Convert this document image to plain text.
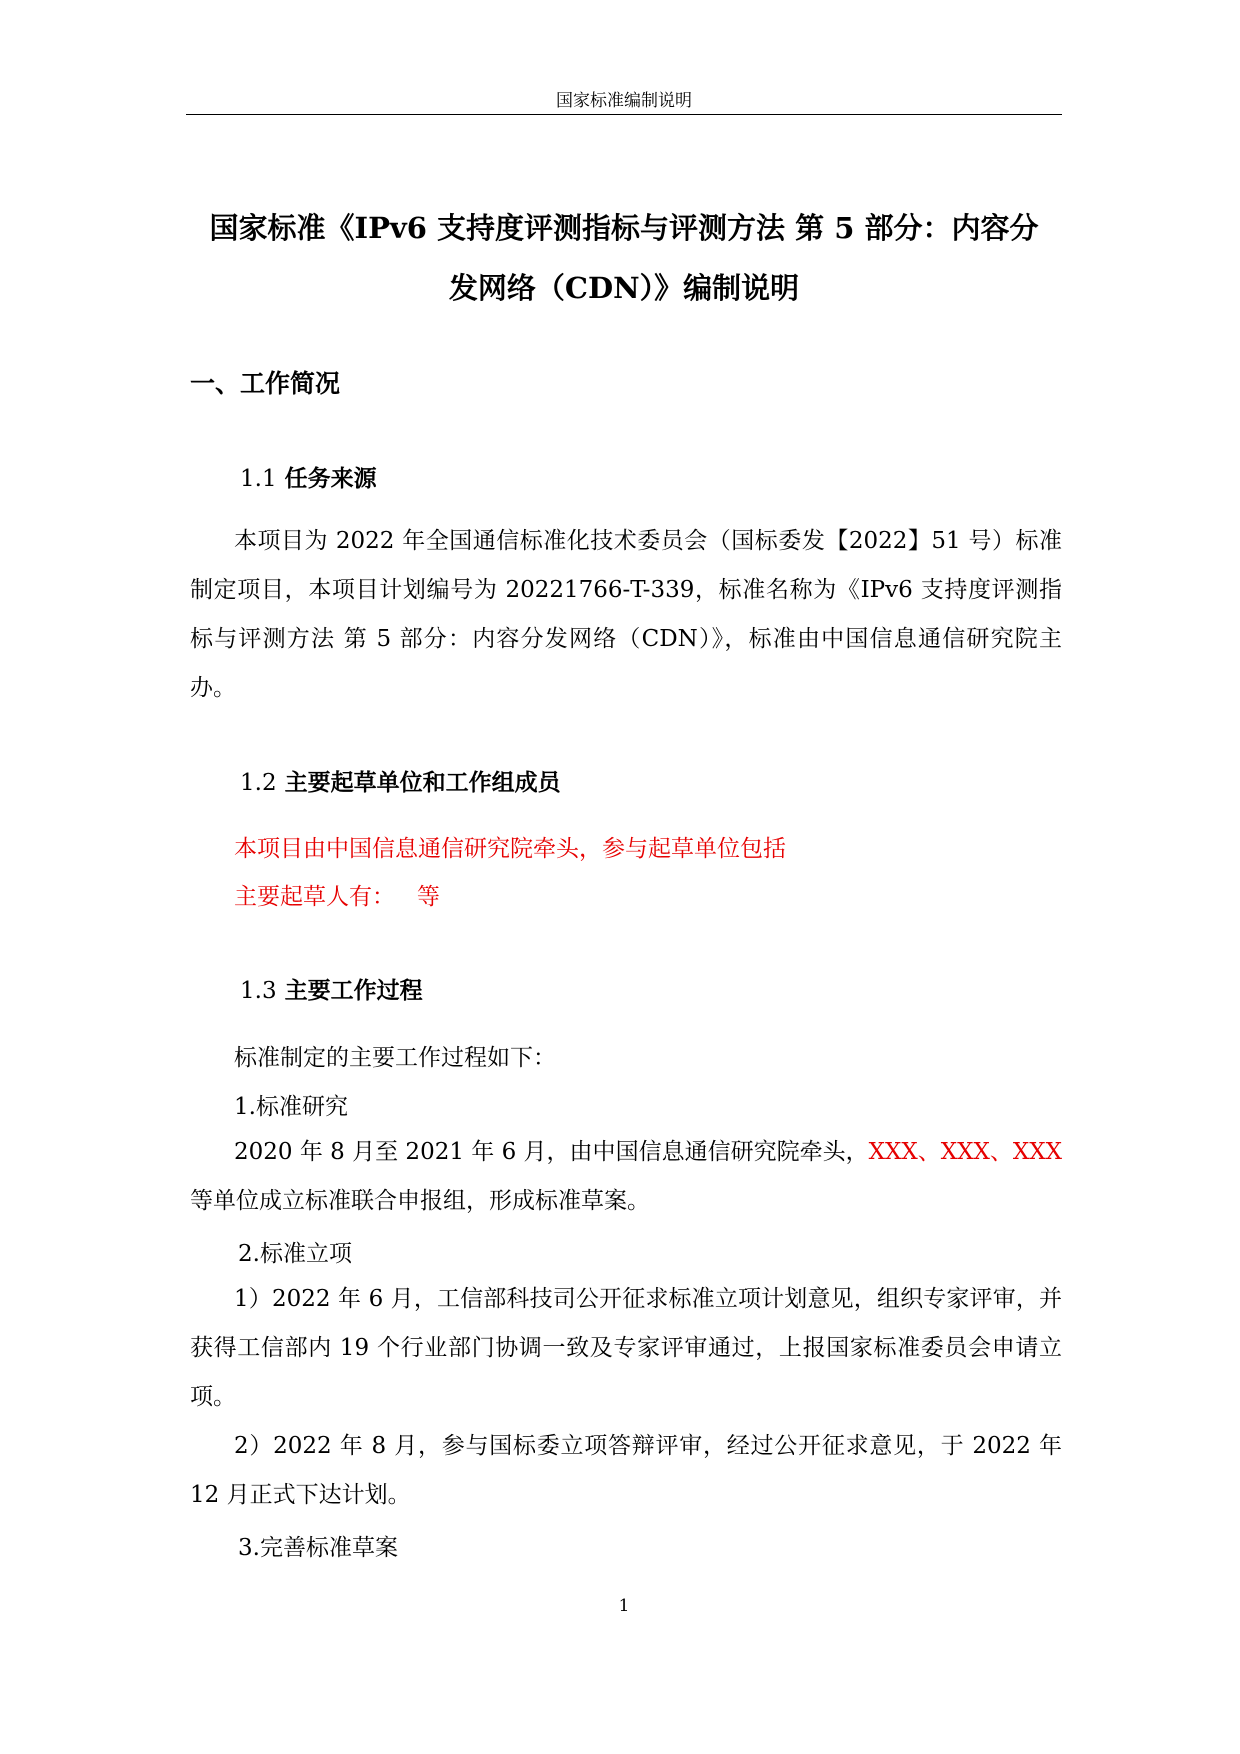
国家标准编制说明
国家标准《IPv6 支持度评测指标与评测方法 第 5 部分：内容分
发网络（CDN）》编制说明
一、工作简况
1.1 任务来源

本项目为 2022 年全国通信标准化技术委员会（国标委发【2022】51 号）标准制定项目，本项目计划编号为 20221766-T-339，标准名称为《IPv6 支持度评测指标与评测方法 第 5 部分：内容分发网络（CDN）》，标准由中国信息通信研究院主办。

1.2 主要起草单位和工作组成员

本项目由中国信息通信研究院牵头，参与起草单位包括

主要起草人有：   等

1.3 主要工作过程

标准制定的主要工作过程如下：

1.标准研究

2020 年 8 月至 2021 年 6 月，由中国信息通信研究院牵头，XXX、XXX、XXX等单位成立标准联合申报组，形成标准草案。

2.标准立项

1）2022 年 6 月，工信部科技司公开征求标准立项计划意见，组织专家评审，并获得工信部内 19 个行业部门协调一致及专家评审通过，上报国家标准委员会申请立项。

2）2022 年 8 月，参与国标委立项答辩评审，经过公开征求意见，于 2022 年 12 月正式下达计划。

3.完善标准草案

1
